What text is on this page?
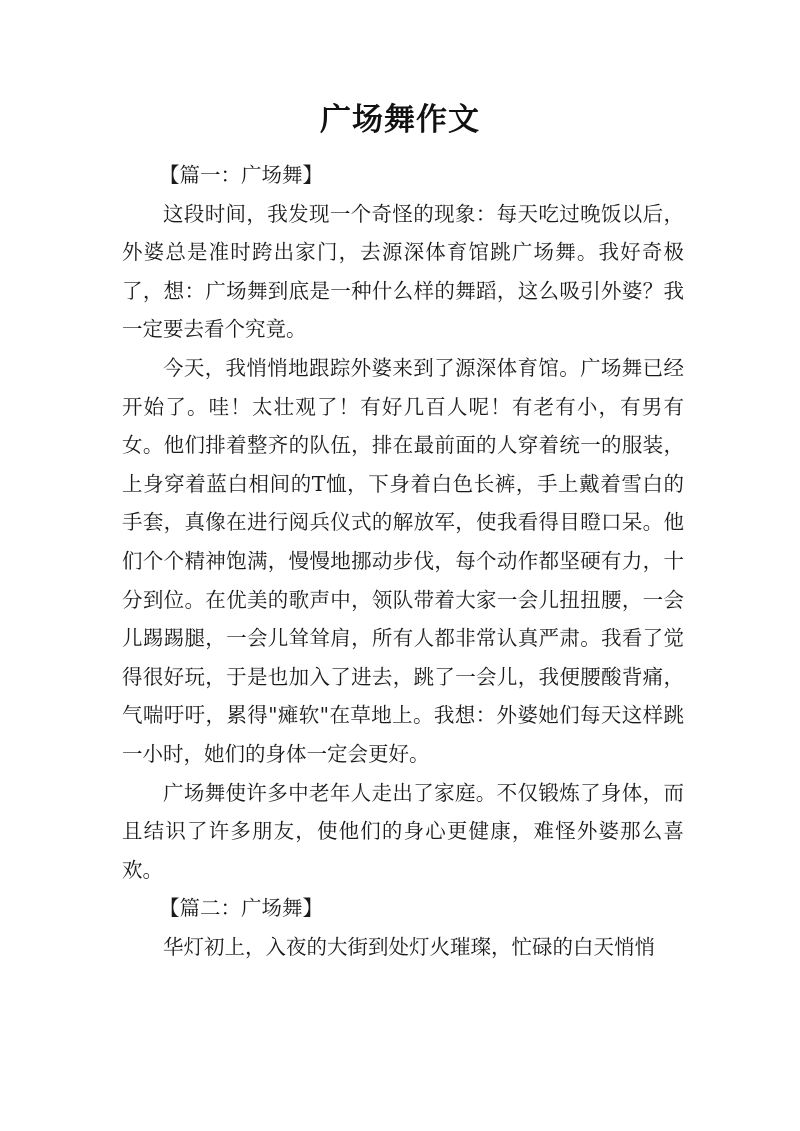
广场舞作文

【篇一：广场舞】

这段时间，我发现一个奇怪的现象：每天吃过晚饭以后，外婆总是准时跨出家门，去源深体育馆跳广场舞。我好奇极了，想：广场舞到底是一种什么样的舞蹈，这么吸引外婆？我一定要去看个究竟。

今天，我悄悄地跟踪外婆来到了源深体育馆。广场舞已经开始了。哇！太壮观了！有好几百人呢！有老有小，有男有女。他们排着整齐的队伍，排在最前面的人穿着统一的服装，上身穿着蓝白相间的T恤，下身着白色长裤，手上戴着雪白的手套，真像在进行阅兵仪式的解放军，使我看得目瞪口呆。他们个个精神饱满，慢慢地挪动步伐，每个动作都坚硬有力，十分到位。在优美的歌声中，领队带着大家一会儿扭扭腰，一会儿踢踢腿，一会儿耸耸肩，所有人都非常认真严肃。我看了觉得很好玩，于是也加入了进去，跳了一会儿，我便腰酸背痛，气喘吁吁，累得"瘫软"在草地上。我想：外婆她们每天这样跳一小时，她们的身体一定会更好。

广场舞使许多中老年人走出了家庭。不仅锻炼了身体，而且结识了许多朋友，使他们的身心更健康，难怪外婆那么喜欢。

【篇二：广场舞】

华灯初上，入夜的大街到处灯火璀璨，忙碌的白天悄悄
